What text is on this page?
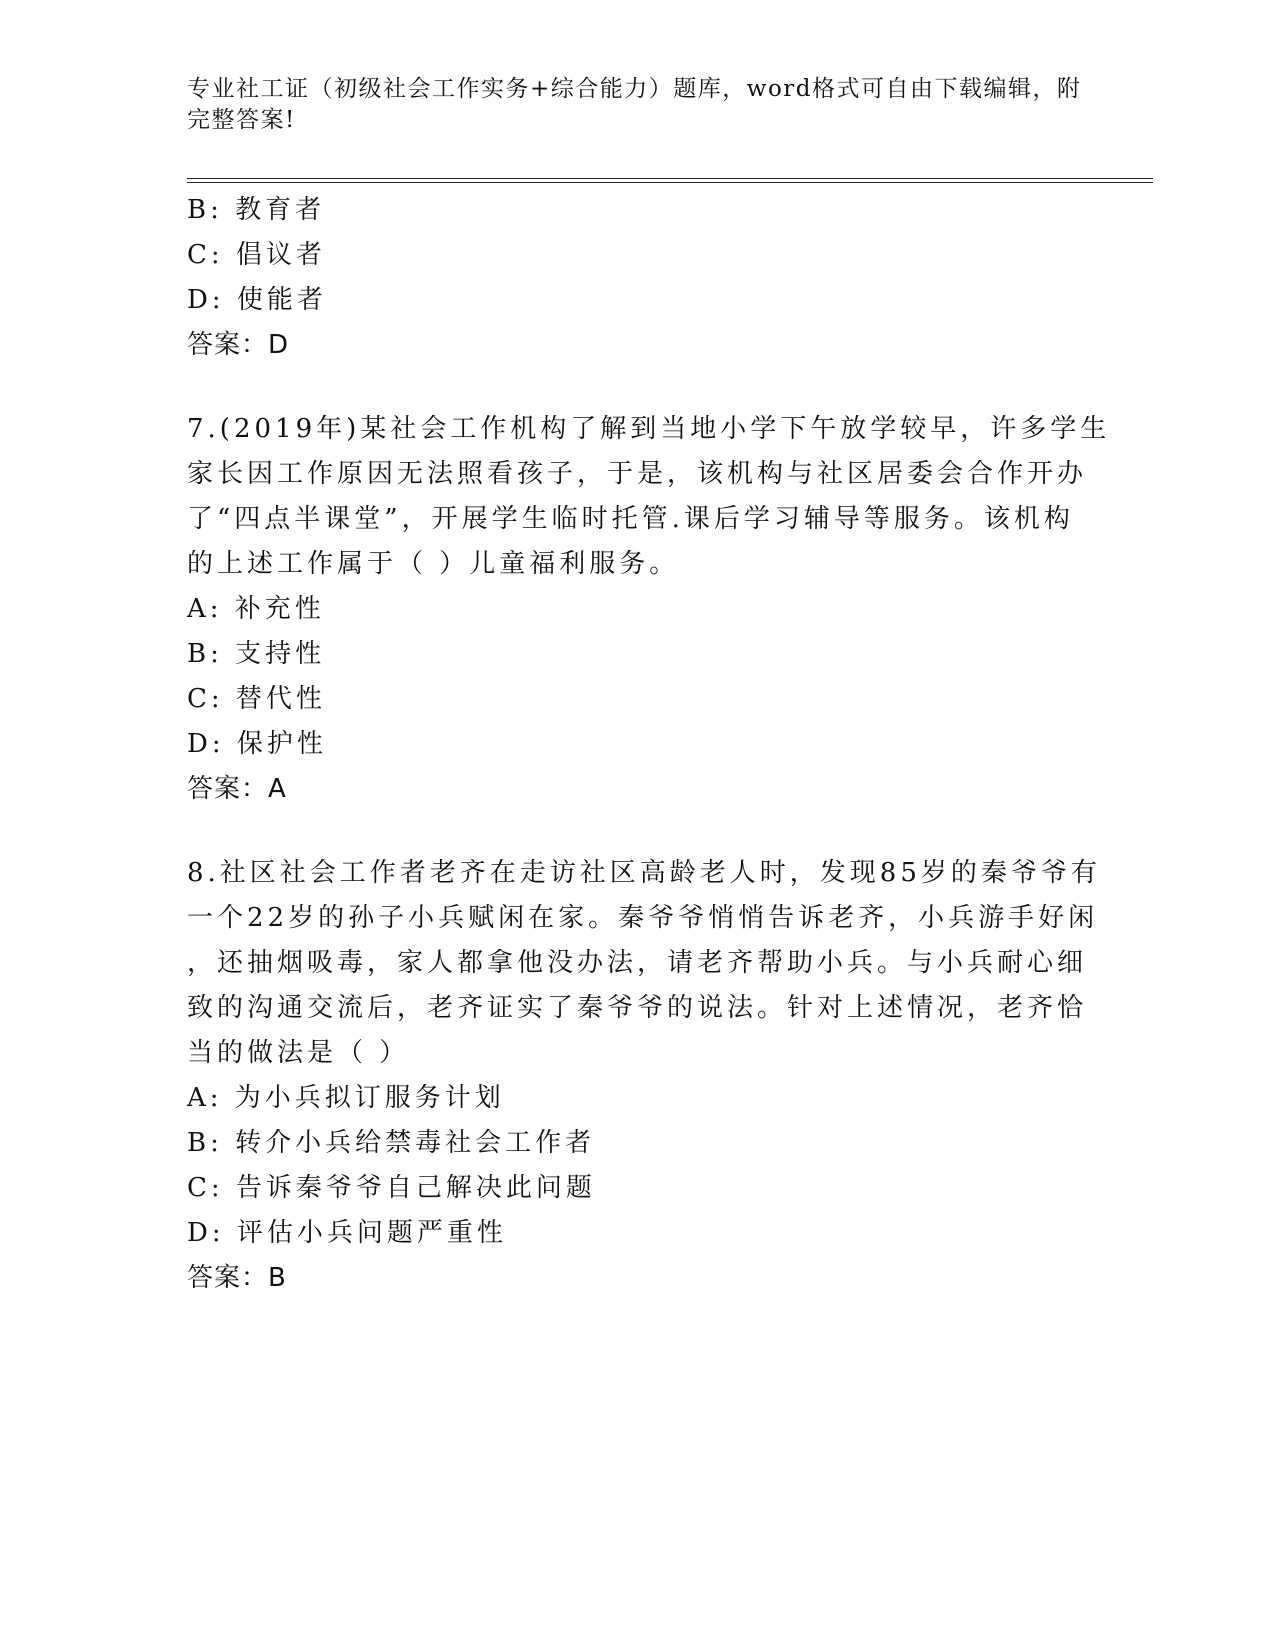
专业社工证（初级社会工作实务+综合能力）题库，word格式可自由下载编辑，附
完整答案!
B: 教育者
C: 倡议者
D: 使能者
答案：D
7.(2019年)某社会工作机构了解到当地小学下午放学较早，许多学生
家长因工作原因无法照看孩子，于是，该机构与社区居委会合作开办
了“四点半课堂”，开展学生临时托管.课后学习辅导等服务。该机构
的上述工作属于（ ）儿童福利服务。
A: 补充性
B: 支持性
C: 替代性
D: 保护性
答案：A
8.社区社会工作者老齐在走访社区高龄老人时，发现85岁的秦爷爷有
一个22岁的孙子小兵赋闲在家。秦爷爷悄悄告诉老齐，小兵游手好闲
，还抽烟吸毒，家人都拿他没办法，请老齐帮助小兵。与小兵耐心细
致的沟通交流后，老齐证实了秦爷爷的说法。针对上述情况，老齐恰
当的做法是（ ）
A: 为小兵拟订服务计划
B: 转介小兵给禁毒社会工作者
C: 告诉秦爷爷自己解决此问题
D: 评估小兵问题严重性
答案：B
